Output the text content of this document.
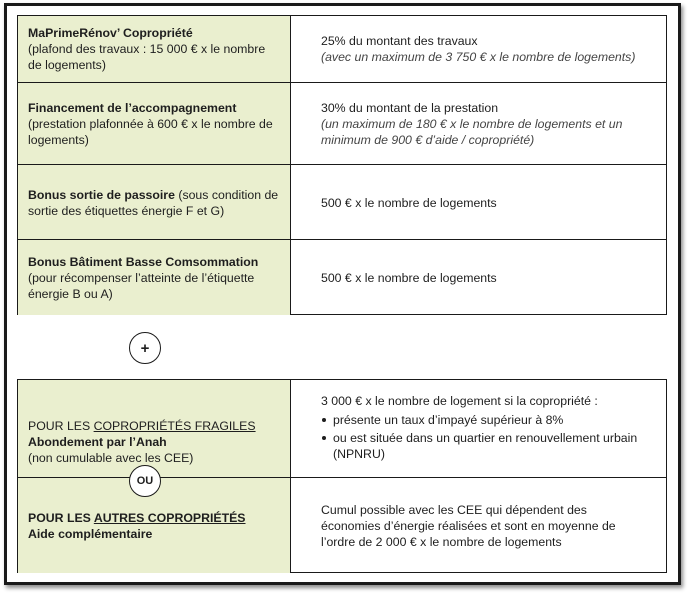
MaPrimeRénov’ Copropriété
(plafond des travaux : 15 000 € x le nombre de logements)
25% du montant des travaux
(avec un maximum de 3 750 € x le nombre de logements)
Financement de l’accompagnement
(prestation plafonnée à 600 € x le nombre de logements)
30% du montant de la prestation
(un maximum de 180 € x le nombre de logements et un minimum de 900 € d’aide / copropriété)
Bonus sortie de passoire (sous condition de sortie des étiquettes énergie F et G)
500 € x le nombre de logements
Bonus Bâtiment Basse Comsommation
(pour récompenser l’atteinte de l’étiquette énergie B ou A)
500 € x le nombre de logements
+
POUR LES COPROPRIÉTÉS FRAGILES
Abondement par l’Anah
(non cumulable avec les CEE)
3 000 € x le nombre de logement si la copropriété :
présente un taux d’impayé supérieur à 8%
ou est située dans un quartier en renouvellement urbain (NPNRU)
POUR LES AUTRES COPROPRIÉTÉS
Aide complémentaire
Cumul possible avec les CEE qui dépendent des économies d’énergie réalisées et sont en moyenne de l’ordre de 2 000 € x le nombre de logements
OU
